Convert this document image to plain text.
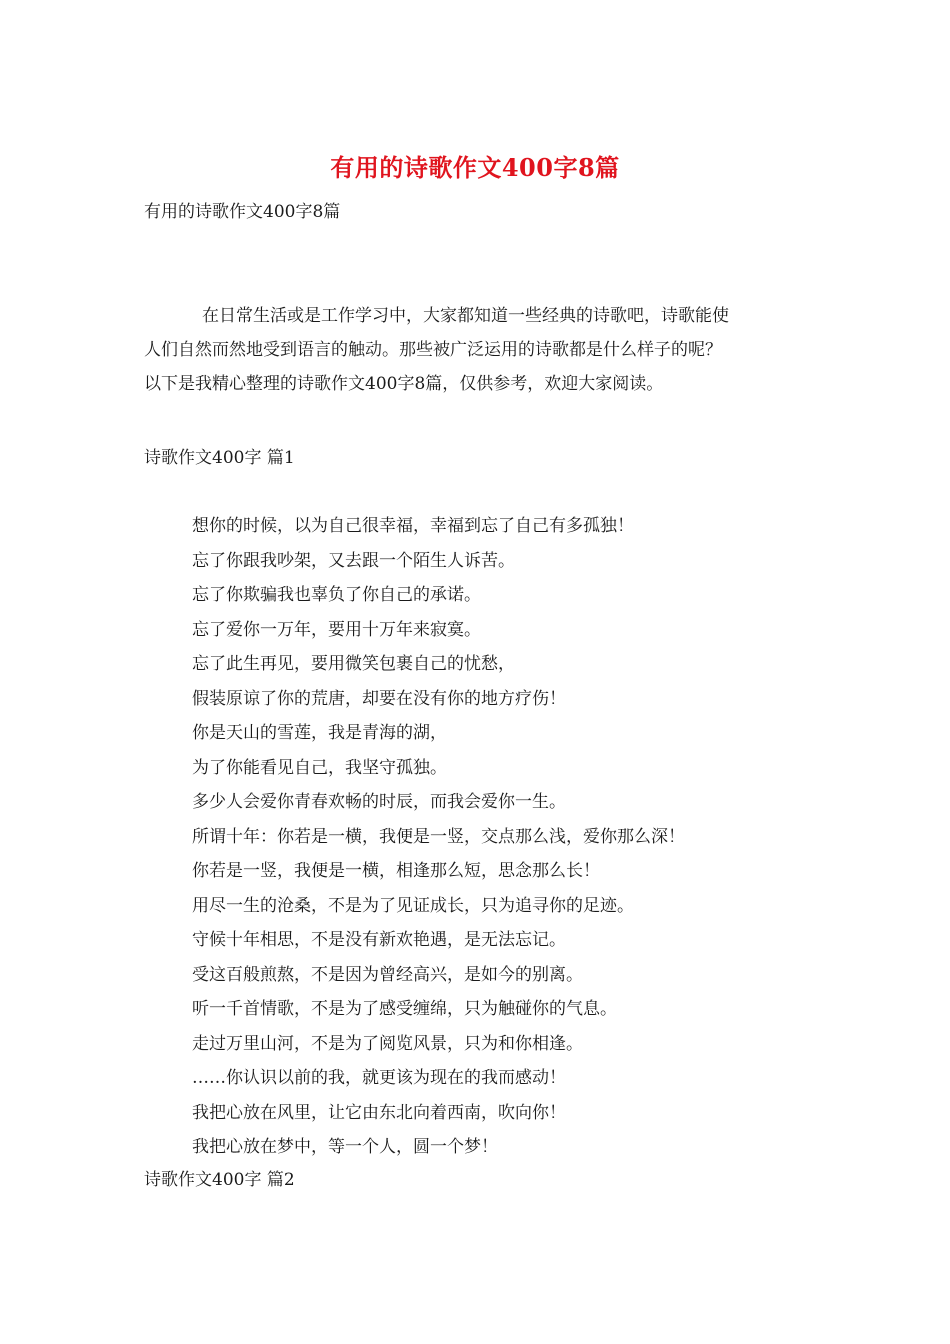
有用的诗歌作文400字8篇
有用的诗歌作文400字8篇
在日常生活或是工作学习中，大家都知道一些经典的诗歌吧，诗歌能使
人们自然而然地受到语言的触动。那些被广泛运用的诗歌都是什么样子的呢？
以下是我精心整理的诗歌作文400字8篇，仅供参考，欢迎大家阅读。
诗歌作文400字 篇1
想你的时候，以为自己很幸福，幸福到忘了自己有多孤独！
忘了你跟我吵架，又去跟一个陌生人诉苦。
忘了你欺骗我也辜负了你自己的承诺。
忘了爱你一万年，要用十万年来寂寞。
忘了此生再见，要用微笑包裹自己的忧愁，
假装原谅了你的荒唐，却要在没有你的地方疗伤！
你是天山的雪莲，我是青海的湖，
为了你能看见自己，我坚守孤独。
多少人会爱你青春欢畅的时辰，而我会爱你一生。
所谓十年：你若是一横，我便是一竖，交点那么浅，爱你那么深！
你若是一竖，我便是一横，相逢那么短，思念那么长！
用尽一生的沧桑，不是为了见证成长，只为追寻你的足迹。
守候十年相思，不是没有新欢艳遇，是无法忘记。
受这百般煎熬，不是因为曾经高兴，是如今的别离。
听一千首情歌，不是为了感受缠绵，只为触碰你的气息。
走过万里山河，不是为了阅览风景，只为和你相逢。
……你认识以前的我，就更该为现在的我而感动！
我把心放在风里，让它由东北向着西南，吹向你！
我把心放在梦中，等一个人，圆一个梦！
诗歌作文400字 篇2
